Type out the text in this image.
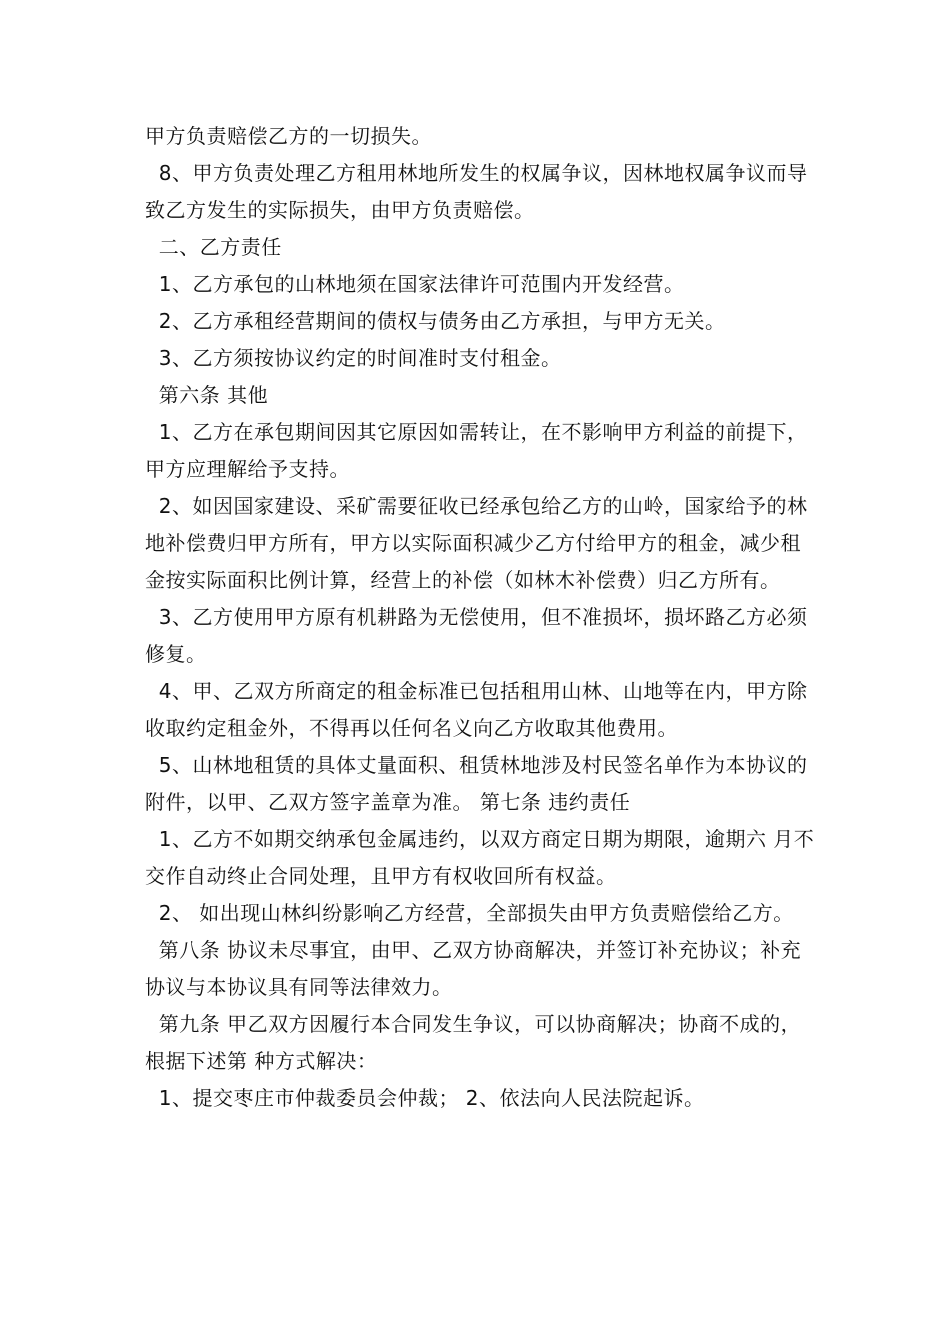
甲方负责赔偿乙方的一切损失。

8、甲方负责处理乙方租用林地所发生的权属争议，因林地权属争议而导致乙方发生的实际损失，由甲方负责赔偿。

二、乙方责任

1、乙方承包的山林地须在国家法律许可范围内开发经营。

2、乙方承租经营期间的债权与债务由乙方承担，与甲方无关。

3、乙方须按协议约定的时间准时支付租金。

第六条 其他

1、乙方在承包期间因其它原因如需转让，在不影响甲方利益的前提下，甲方应理解给予支持。

2、如因国家建设、采矿需要征收已经承包给乙方的山岭，国家给予的林地补偿费归甲方所有，甲方以实际面积减少乙方付给甲方的租金，减少租金按实际面积比例计算，经营上的补偿（如林木补偿费）归乙方所有。

3、乙方使用甲方原有机耕路为无偿使用，但不准损坏，损坏路乙方必须修复。

4、甲、乙双方所商定的租金标准已包括租用山林、山地等在内，甲方除收取约定租金外，不得再以任何名义向乙方收取其他费用。

5、山林地租赁的具体丈量面积、租赁林地涉及村民签名单作为本协议的附件，以甲、乙双方签字盖章为准。 第七条 违约责任

1、乙方不如期交纳承包金属违约，以双方商定日期为期限，逾期六 月不交作自动终止合同处理，且甲方有权收回所有权益。

2、 如出现山林纠纷影响乙方经营，全部损失由甲方负责赔偿给乙方。

第八条 协议未尽事宜，由甲、乙双方协商解决，并签订补充协议；补充协议与本协议具有同等法律效力。

第九条 甲乙双方因履行本合同发生争议，可以协商解决；协商不成的，根据下述第 种方式解决：

1、提交枣庄市仲裁委员会仲裁； 2、依法向人民法院起诉。
